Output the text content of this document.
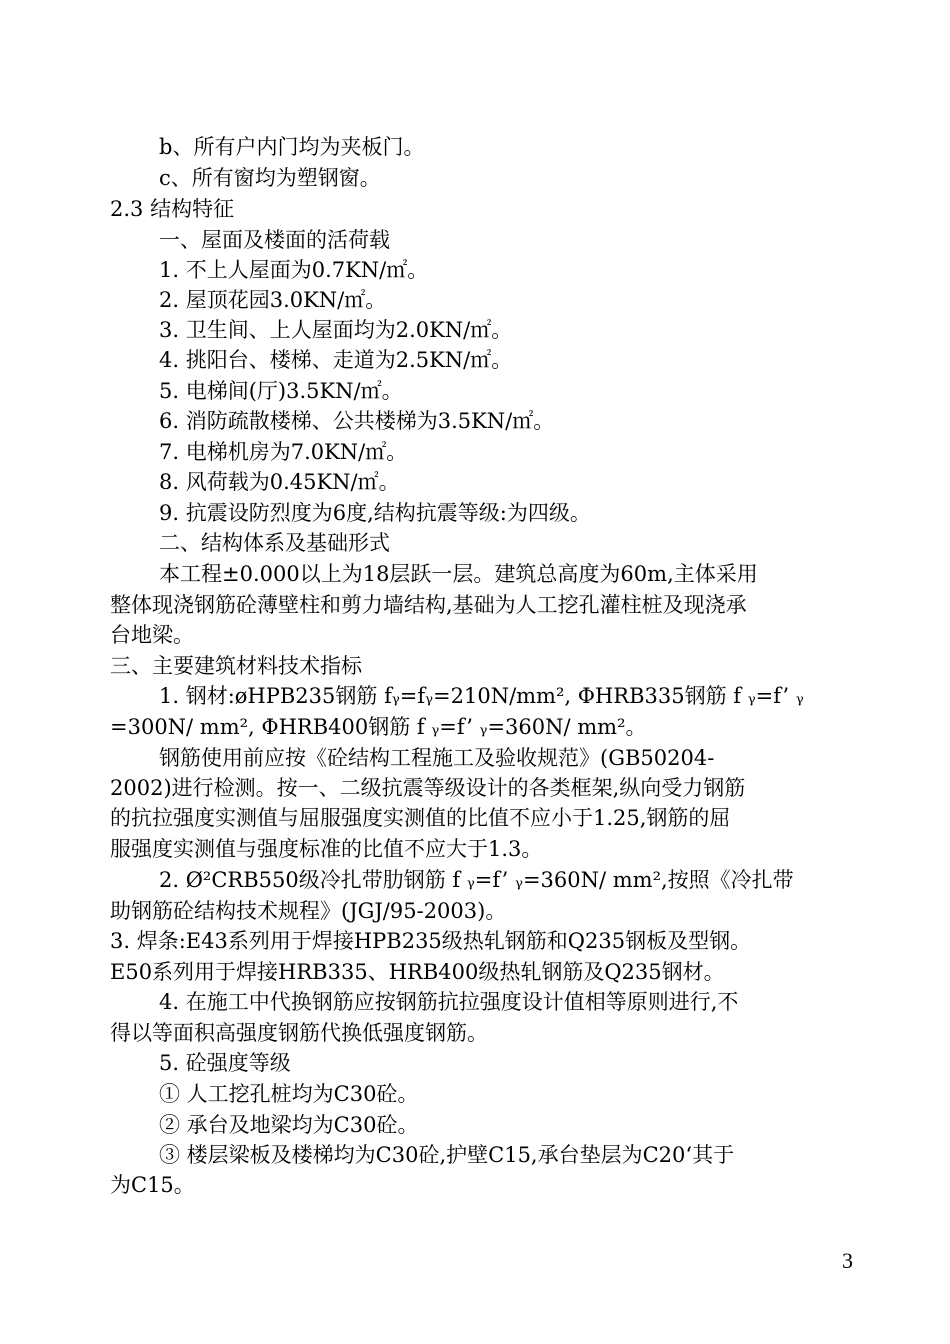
b、所有户内门均为夹板门。
c、所有窗均为塑钢窗。
2.3 结构特征
一、屋面及楼面的活荷载
1. 不上人屋面为0.7KN/㎡。
2. 屋顶花园3.0KN/㎡。
3. 卫生间、上人屋面均为2.0KN/㎡。
4. 挑阳台、楼梯、走道为2.5KN/㎡。
5. 电梯间(厅)3.5KN/㎡。
6. 消防疏散楼梯、公共楼梯为3.5KN/㎡。
7. 电梯机房为7.0KN/㎡。
8. 风荷载为0.45KN/㎡。
9. 抗震设防烈度为6度,结构抗震等级:为四级。
二、结构体系及基础形式
本工程±0.000以上为18层跃一层。建筑总高度为60m,主体采用
整体现浇钢筋砼薄壁柱和剪力墙结构,基础为人工挖孔灌柱桩及现浇承
台地梁。
三、主要建筑材料技术指标
1. 钢材:øHPB235钢筋 fᵧ=fᵧ=210N/mm², ΦHRB335钢筋 f ᵧ=f’ ᵧ
=300N/ mm², ΦHRB400钢筋 f ᵧ=f’ ᵧ=360N/ mm²。
钢筋使用前应按《砼结构工程施工及验收规范》(GB50204-
2002)进行检测。按一、二级抗震等级设计的各类框架,纵向受力钢筋
的抗拉强度实测值与屈服强度实测值的比值不应小于1.25,钢筋的屈
服强度实测值与强度标准的比值不应大于1.3。
2. Ø²CRB550级冷扎带肋钢筋 f ᵧ=f’ ᵧ=360N/ mm²,按照《冷扎带
助钢筋砼结构技术规程》(JGJ/95-2003)。
3. 焊条:E43系列用于焊接HPB235级热轧钢筋和Q235钢板及型钢。
E50系列用于焊接HRB335、HRB400级热轧钢筋及Q235钢材。
4. 在施工中代换钢筋应按钢筋抗拉强度设计值相等原则进行,不
得以等面积高强度钢筋代换低强度钢筋。
5. 砼强度等级
① 人工挖孔桩均为C30砼。
② 承台及地梁均为C30砼。
③ 楼层梁板及楼梯均为C30砼,护壁C15,承台垫层为C20‘其于
为C15。
3
